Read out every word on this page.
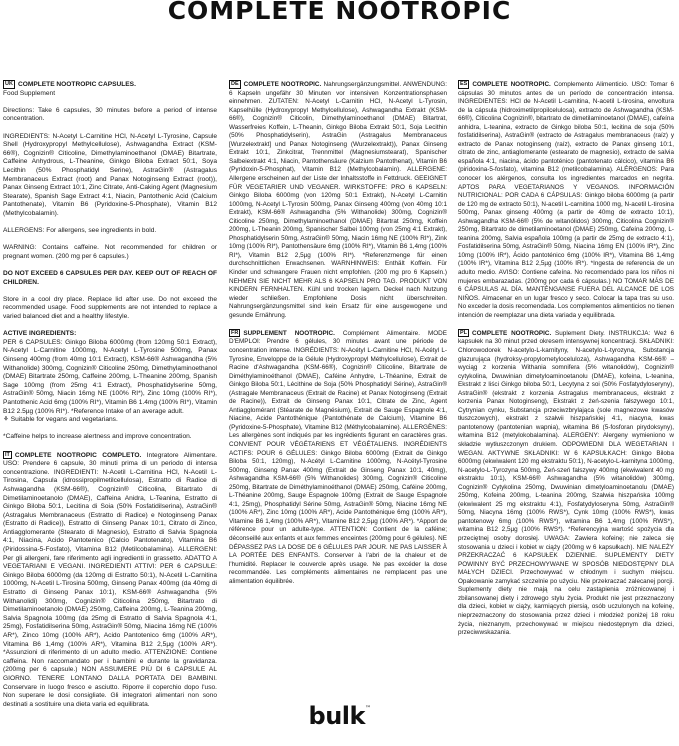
COMPLETE NOOTROPIC

UK COMPLETE NOOTROPIC CAPSULES.

Food Supplement

Directions: Take 6 capsules, 30 minutes before a period of intense concentration.

INGREDIENTS: N-Acetyl L-Carnitine HCl, N-Acetyl L-Tyrosine, Capsule Shell (Hydroxypropyl Methylcellulose), Ashwagandha Extract (KSM-66®), Cognizin® Citicoline, Dimethylaminoethanol (DMAE) Bitartrate, Caffeine Anhydrous, L-Theanine, Ginkgo Biloba Extract 50:1, Soya Lecithin (50% Phosphatidyl Serine), AstraGin® (Astragalus Membranaceus Extract (root) and Panax Notoginseng Extract (root)), Panax Ginseng Extract 10:1, Zinc Citrate, Anti-Caking Agent (Magnesium Stearate), Spanish Sage Extract 4:1, Niacin, Pantothenic Acid (Calcium Pantothenate), Vitamin B6 (Pyridoxine-5-Phosphate), Vitamin B12 (Methylcobalamin).

ALLERGENS: For allergens, see ingredients in bold.

WARNING: Contains caffeine. Not recommended for children or pregnant women. (200 mg per 6 capsules.)

DO NOT EXCEED 6 CAPSULES PER DAY. KEEP OUT OF REACH OF CHILDREN.

Store in a cool dry place. Replace lid after use. Do not exceed the recommended usage. Food supplements are not intended to replace a varied balanced diet and a healthy lifestyle.

ACTIVE INGREDIENTS:

PER 6 CAPSULES: Ginkgo Biloba 6000mg (from 120mg 50:1 Extract), N-Acetyl L-Carnitine 1000mg, N-Acetyl L-Tyrosine 500mg, Panax Ginseng 400mg (from 40mg 10:1 Extract), KSM-66® Ashwagandha (5% Withanolide) 300mg, Cognizin® Citicoline 250mg, Dimethylaminoethanol (DMAE) Bitartrate 250mg, Caffeine 200mg, L-Theanine 200mg, Spanish Sage 100mg (from 25mg 4:1 Extract), Phosphatidylserine 50mg, AstraGin® 50mg, Niacin 16mg NE (100% RI*), Zinc 10mg (100% RI*), Pantothenic Acid 6mg (100% RI*), Vitamin B6 1.4mg (100% RI*), Vitamin B12 2.5µg (100% RI*). *Reference Intake of an average adult.

⚘ Suitable for vegans and vegetarians.

*Caffeine helps to increase alertness and improve concentration.

IT COMPLETE NOOTROPIC COMPLETO. Integratore Alimentare. USO: Prendere 6 capsule, 30 minuti prima di un periodo di intensa concentrazione. INGREDIENTI: N-Acetil L-Carnitina HCl, N-Acetil L-Tirosina, Capsula (idrossipropilmetilcellulosa), Estratto di Radice di Ashwagandha (KSM-66®), Cognizin® Citicolina, Bitartrato di Dimetilaminoetanolo (DMAE), Caffeina Anidra, L-Teanina, Estratto di Ginkgo Biloba 50:1, Lecitina di Soia (50% Fosfatidilserina), AstraGin® (Astragalus Membranaceus (Estratto di Radice) e Notoginseng Panax (Estratto di Radice)), Estratto di Ginseng Panax 10:1, Citrato di Zinco, Antiagglomerante (Stearato di Magnesio), Estratto di Salvia Spagnola 4:1, Niacina, Acido Pantotenico (Calcio Pantotenato), Vitamina B6 (Piridossina-5-Fosfato), Vitamina B12 (Metilcobalamina). ALLERGENI: Per gli allergeni, fare riferimento agli ingredienti in grassetto. ADATTO A VEGETARIANI E VEGANI. INGREDIENTI ATTIVI: PER 6 CAPSULE: Ginkgo Biloba 6000mg (da 120mg di Estratto 50:1), N-Acetil L-Carnitina 1000mg, N-Acetil L-Tirosina 500mg, Ginseng Panax 400mg (da 40mg di Estratto di Ginseng Panax 10:1), KSM-66® Ashwagandha (5% Withanolidi) 300mg, Cognizin® Citicolina 250mg, Bitartrato di Dimetilaminoetanolo (DMAE) 250mg, Caffeina 200mg, L-Teanina 200mg, Salvia Spagnola 100mg (da 25mg di Estratto di Salvia Spagnola 4:1, 25mg), Fosfatidilserina 50mg, AstraGin® 50mg, Niacina 16mg NE (100% AR*), Zinco 10mg (100% AR*), Acido Pantotenico 6mg (100% AR*), Vitamina B6 1,4mg (100% AR*), Vitamina B12 2,5µg (100% AR*). *Assunzioni di riferimento di un adulto medio. ATTENZIONE: Contiene caffeina. Non raccomandato per i bambini e durante la gravidanza. (200mg per 6 capsule.) NON ASSUMERE PIÙ DI 6 CAPSULE AL GIORNO. TENERE LONTANO DALLA PORTATA DEI BAMBINI. Conservare in luogo fresco e asciutto. Riporre il coperchio dopo l'uso. Non superare le dosi consigliate. Gli integratori alimentari non sono destinati a sostituire una dieta varia ed equilibrata.

DE COMPLETE NOOTROPIC. Nahrungsergänzungsmittel. ANWENDUNG: 6 Kapseln ungefähr 30 Minuten vor intensiven Konzentrationsphasen einnehmen. ZUTATEN: N-Acetyl L-Carnitin HCl, N-Acetyl L-Tyrosin, Kapselhülle (Hydroxypropyl Methylcellulose), Ashwagandha Extrakt (KSM-66®), Cognizin® Citicolin, Dimethylaminoethanol (DMAE) Bitartrat, Wasserfreies Koffein, L-Theanin, Ginkgo Biloba Extrakt 50:1, Soja Lecithin (50% Phosphatidylserin), AstraGin (Astragalus Membranaceus [Wurzelextrakt] und Panax Notoginseng (Wurzelextrakt)), Panax Ginseng Extrakt 10:1, Zinkcitrat, Trennmittel (Magnesiumstearat), Spanischer Salbeiextrakt 4:1, Niacin, Pantothensäure (Kalzium Pantothenat), Vitamin B6 (Pyridoxin-5-Phosphat), Vitamin B12 (Methylcobalamin). ALLERGENE: Allergene erscheinen auf der Liste der Inhaltsstoffe in Fettdruck. GEEIGNET FÜR VEGETARIER UND VEGANER. WIRKSTOFFE: PRO 6 KAPSELN: Ginkgo Biloba 6000mg (von 120mg 50:1 Extrakt), N-Acetyl L-Carnitin 1000mg, N-Acetyl L-Tyrosin 500mg, Panax Ginseng 400mg (von 40mg 10:1 Extrakt), KSM-66® Ashwagandha (5% Withanolide) 300mg, Cognizin® Citicoline 250mg, Dimethylaminoethanol (DMAE) Bitartrat 250mg, Koffein 200mg, L-Theanin 200mg, Spanischer Salbei 100mg (von 25mg 4:1 Extrakt), Phosphatidylserin 50mg, AstraGin® 50mg, Niacin 16mg NE (100% RI*), Zink 10mg (100% RI*), Pantothensäure 6mg (100% RI*), Vitamin B6 1,4mg (100% RI*), Vitamin B12 2,5µg (100% RI*). *Referenzmenge für einen durchschnittlichen Erwachsenen. WARNHINWEIS: Enthält Koffein. Für Kinder und schwangere Frauen nicht empfohlen. (200 mg pro 6 Kapseln.) NEHMEN SIE NICHT MEHR ALS 6 KAPSELN PRO TAG. PRODUKT VON KINDERN FERNHALTEN. Kühl und trocken lagern. Deckel nach Nutzung wieder schließen. Empfohlene Dosis nicht überschreiten. Nahrungsergänzungsmittel sind kein Ersatz für eine ausgewogene und gesunde Ernährung.

FR SUPPLEMENT NOOTROPIC. Complément Alimentaire. MODE D'EMPLOI: Prendre 6 gélules, 30 minutes avant une période de concentration intense. INGRÉDIENTS: N-Acétyl L-Carnitine HCl, N-Acétyl L-Tyrosine, Enveloppe de la Gélule (Hydroxypropyl Méthylcellulose), Extrait de Racine d'Ashwagandha (KSM-66®), Cognizin® Citicoline, Bitartrate de Diméthylaminoéthanol (DMAE), Caféine Anhydre, L-Théanine, Extrait de Ginkgo Biloba 50:1, Lécithine de Soja (50% Phosphatidyl Sérine), AstraGin® (Astragale Membranaceus (Extrait de Racine) et Panax Notoginseng (Extrait de Racine)), Extrait de Ginseng Panax 10:1, Citrate de Zinc, Agent Antiagglomérant (Stéarate de Magnésium), Extrait de Sauge Espagnole 4:1, Niacine, Acide Pantothénique (Pantothénate de Calcium), Vitamine B6 (Pyridoxine-5-Phosphate), Vitamine B12 (Méthylcobalamine). ALLERGÈNES: Les allergènes sont indiqués par les ingrédients figurant en caractères gras. CONVIENT POUR VÉGÉTARIENS ET VÉGÉTALIENS. INGRÉDIENTS ACTIFS: POUR 6 GÉLULES: Ginkgo Biloba 6000mg (Extrait de Ginkgo Biloba 50:1, 120mg), N-Acétyl L-Carnitine 1000mg, N-Acétyl-Tyrosine 500mg, Ginseng Panax 400mg (Extrait de Ginseng Panax 10:1, 40mg), Ashwagandha KSM-66® (5% Withanolides) 300mg, Cognizin® Citicoline 250mg, Bitartrate de Diméthylaminoéthanol (DMAE) 250mg, Caféine 200mg, L-Théanine 200mg, Sauge Espagnole 100mg (Extrait de Sauge Espagnole 4:1, 25mg), Phosphatidyl Sérine 50mg, AstraGin® 50mg, Niacine 16mg NE (100% AR*), Zinc 10mg (100% AR*), Acide Pantothénique 6mg (100% AR*), Vitamine B6 1,4mg (100% AR*), Vitamine B12 2,5µg (100% AR*). *Apport de référence pour un adulte-type. ATTENTION: Contient de la caféine; déconseillé aux enfants et aux femmes enceintes (200mg pour 6 gélules). NE DÉPASSEZ PAS LA DOSE DE 6 GÉLULES PAR JOUR. NE PAS LAISSER À LA PORTÉE DES ENFANTS. Conserver à l'abri de la chaleur et de l'humidité. Replacer le couvercle après usage. Ne pas excéder la dose recommandée. Les compléments alimentaires ne remplacent pas une alimentation équilibrée.

ES COMPLETE NOOTROPIC. Complemento Alimenticio. USO: Tomar 6 cápsulas 30 minutos antes de un período de concentración intensa. INGREDIENTES: HCl de N-Acetil L-carnitina, N-acetil L-tirosina, envoltura de la cápsula (hidroximetilpropilcelulosa), extracto de Ashwagandha (KSM-66®), Citicolina Cognizin®, bitartrato de dimetilaminoetanol (DMAE), cafeína anhidra, L-teanina, extracto de Ginkgo biloba 50:1, lecitina de soja (50% fosfatidilserina), AstraGin® (extracto de Astragalus membranaceus (raíz) y extracto de Panax notoginseng (raíz), extracto de Panax ginseng 10:1, citrato de zinc, antiaglomerante (estearato de magnesio), extracto de salvia española 4:1, niacina, ácido pantoténico (pantotenato cálcico), vitamina B6 (piridoxina-5-fosfato), vitamina B12 (metilcobalamina). ALÉRGENOS: Para conocer los alérgenos, consulta los ingredientes marcados en negrita. APTOS PARA VEGETARIANOS Y VEGANOS. INFORMACIÓN NUTRICIONAL: POR CADA 6 CÁPSULAS: Ginkgo biloba 6000mg (a partir de 120 mg de extracto 50:1), N-acetil L-carnitina 1000 mg, N-acetil L-tirosina 500mg, Panax ginseng 400mg (a partir de 40mg de extracto 10:1), Ashwagandha KSM-66® (5% de witanólidos) 300mg, Citicolina Cognizin® 250mg, Bitartrato de dimetilaminoetanol (DMAE) 250mg, Cafeína 200mg, L-teanina 200mg, Salvia española 100mg (a partir de 25mg de extracto 4:1), Fosfatidilserina 50mg, AstraGin® 50mg, Niacina 16mg EN (100% IR*), Zinc 10mg (100% IR*), Ácido pantoténico 6mg (100% IR*), Vitamina B6 1,4mg (100% IR*), Vitamina B12 2,5µg (100% IR*). *Ingesta de referencia de un adulto medio. AVISO: Contiene cafeína. No recomendado para los niños ni mujeres embarazadas. (200mg por cada 6 cápsulas.) NO TOMAR MÁS DE 6 CÁPSULAS AL DÍA. MANTÉNGANSE FUERA DEL ALCANCE DE LOS NIÑOS. Almacenar en un lugar fresco y seco. Colocar la tapa tras su uso. No exceder la dosis recomendada. Los complementos alimenticios no tienen intención de reemplazar una dieta variada y equilibrada.

PL COMPLETE NOOTROPIC. Suplement Diety. INSTRUKCJA: Weź 6 kapsułek na 30 minut przed okresem intensywnej koncentracji. SKŁADNIKI: Chlorowodorek N-acetylo-L-karnityny, N-acetylo-L-tyrozyna, Substancja glazurująca (hydroksy-propylometyloceluloza), Ashwagandha KSM-66® – wyciąg z korzenia Withania somnifera (5% witanolidów), Cognizin® cytykolina, Dwuwinian dimetyloaminoetanolu (DMAE), kofeina, L-teanina, Ekstrakt z liści Ginkgo biloba 50:1, Lecytyna z soi (50% Fosfatydyloseryny), AstraGin® (ekstrakt z korzenia Astragalus membranaceus, ekstrakt z korzenia Panax Notoginseng), Ekstrakt z żeń-szenia fałszywego 10:1, Cytrynian cynku, Substancja przeciwzbrylająca (sole magnezowe kwasów tłuszczowych), ekstrakt z szałwii hiszpańskiej 4:1, niacyna, kwas pantotenowy (pantotenian wapnia), witamina B6 (5-fosforan pirydoksyny), witamina B12 (metylokobalamina). ALERGENY: Alergeny wymieniono w składzie wytłuszczonym drukiem. ODPOWIEDNI DLA WEGETARIAN I WEGAN. AKTYWNE SKŁADNIKI: W 6 KAPSUŁKACH: Ginkgo Biloba 6000mg (ekwiwalent 120 mg ekstraktu 50:1), N-acetylo-L-karnityna 1000mg, N-acetylo-L-Tyrozyna 500mg, Żeń-szeń fałszywy 400mg (ekwiwalent 40 mg ekstraktu 10:1), KSM-66® Ashwagandha (5% witanolidów) 300mg, Cognizin® Cytykolina 250mg, Dwuwinian dimetyloaminoetanolu (DMAE) 250mg, Kofeina 200mg, L-teanina 200mg, Szałwia hiszpańska 100mg (ekwiwalent 25 mg ekstraktu 4:1), Fosfatydyloseryna 50mg, AstraGin® 50mg, Niacyna 16mg (100% RWS*), Cynk 10mg (100% RWS*), kwas pantotenowy 6mg (100% RWS*), witamina B6 1,4mg (100% RWS*), witamina B12 2,5µg (100% RWS*). *Referencyjna wartość spożycia dla przeciętnej osoby dorosłej. UWAGA: Zawiera kofeinę; nie zaleca się stosowania u dzieci i kobiet w ciąży (200mg w 6 kapsułkach). NIE NALEŻY PRZEKRACZAĆ 6 KAPSUŁEK DZIENNIE. SUPLEMENTY DIETY POWINNY BYĆ PRZECHOWYWANE W SPOSÓB NIEDOSTĘPNY DLA MAŁYCH DZIECI. Przechowywać w chłodnym i suchym miejscu. Opakowanie zamykać szczelnie po użyciu. Nie przekraczać zalecanej porcji. Suplementy diety nie mają na celu zastąpienia zróżnicowanej i zbilansowanej diety i zdrowego stylu życia. Produkt nie jest przeznaczony dla dzieci, kobiet w ciąży, karmiących piersią, osób uczulonych na kofeinę, nieprzeznaczony do stosowania przez dzieci i młodzież poniżej 18 roku życia, nieznanym, przechowywać w miejscu niedostępnym dla dzieci, przeciwwskazania.

bulk™
